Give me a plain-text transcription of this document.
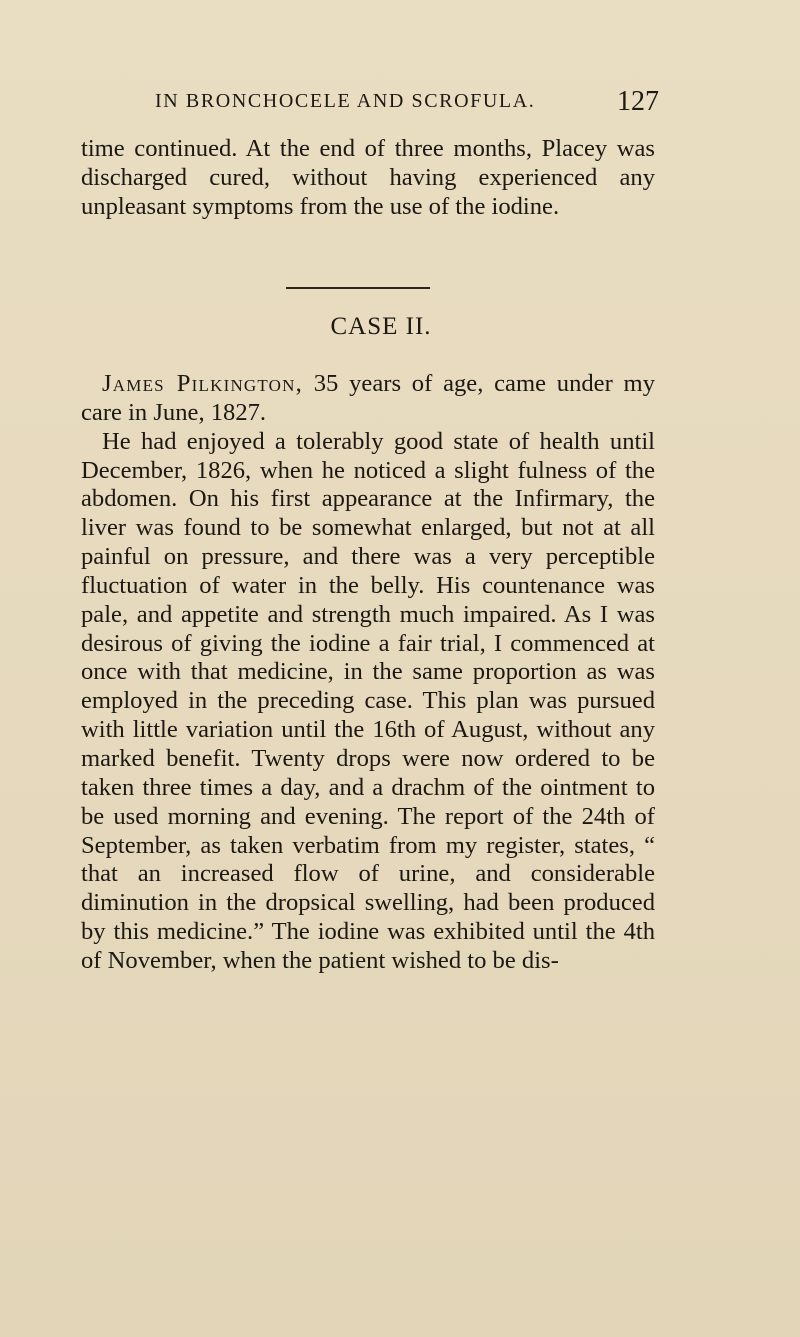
IN BRONCHOCELE AND SCROFULA.	127

time continued. At the end of three months, Placey was discharged cured, without having experienced any unpleasant symptoms from the use of the iodine.

CASE II.

James Pilkington, 35 years of age, came under my care in June, 1827.

He had enjoyed a tolerably good state of health until December, 1826, when he noticed a slight fulness of the abdomen. On his first appearance at the Infirmary, the liver was found to be somewhat enlarged, but not at all painful on pressure, and there was a very perceptible fluctuation of water in the belly. His countenance was pale, and appetite and strength much impaired. As I was desirous of giving the iodine a fair trial, I commenced at once with that medicine, in the same proportion as was employed in the preceding case. This plan was pursued with little variation until the 16th of August, without any marked benefit. Twenty drops were now ordered to be taken three times a day, and a drachm of the ointment to be used morning and evening. The report of the 24th of September, as taken verbatim from my register, states, “ that an increased flow of urine, and considerable diminution in the dropsical swelling, had been produced by this medicine.” The iodine was exhibited until the 4th of November, when the patient wished to be dis-
